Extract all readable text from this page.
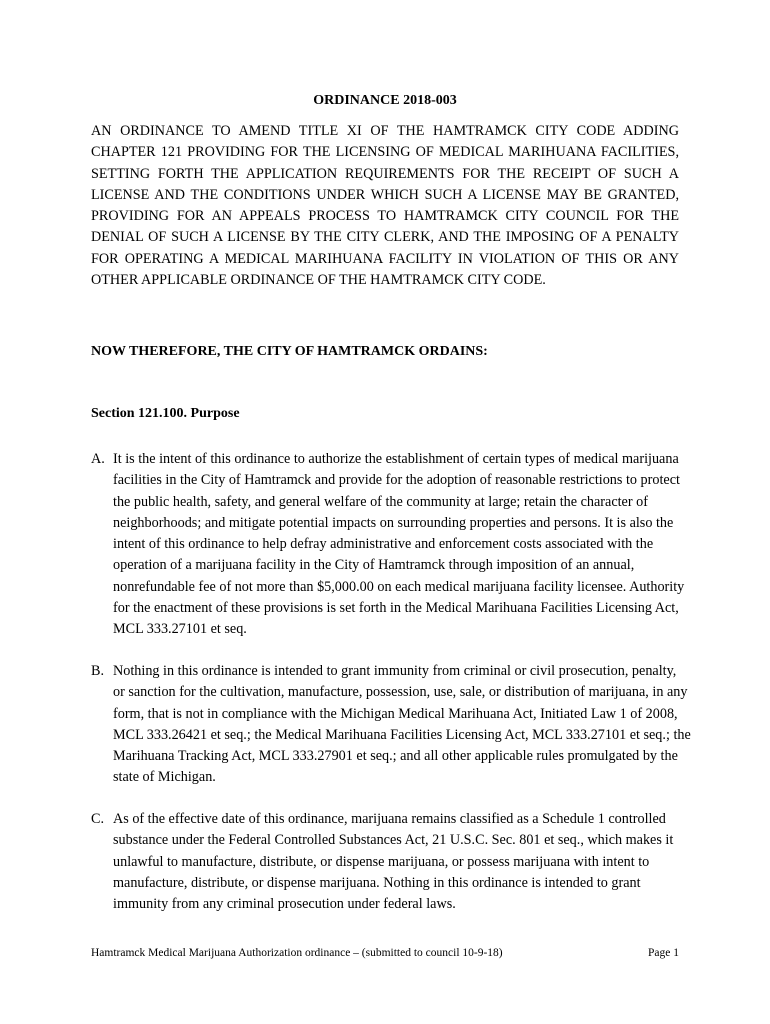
ORDINANCE 2018-003

AN ORDINANCE TO AMEND TITLE XI OF THE HAMTRAMCK CITY CODE ADDING CHAPTER 121 PROVIDING FOR THE LICENSING OF MEDICAL MARIHUANA FACILITIES, SETTING FORTH THE APPLICATION REQUIREMENTS FOR THE RECEIPT OF SUCH A LICENSE AND THE CONDITIONS UNDER WHICH SUCH A LICENSE MAY BE GRANTED, PROVIDING FOR AN APPEALS PROCESS TO HAMTRAMCK CITY COUNCIL FOR THE DENIAL OF SUCH A LICENSE BY THE CITY CLERK, AND THE IMPOSING OF A PENALTY FOR OPERATING A MEDICAL MARIHUANA FACILITY IN VIOLATION OF THIS OR ANY OTHER APPLICABLE ORDINANCE OF THE HAMTRAMCK CITY CODE.

NOW THEREFORE, THE CITY OF HAMTRAMCK ORDAINS:
Section 121.100. Purpose
A. It is the intent of this ordinance to authorize the establishment of certain types of medical marijuana facilities in the City of Hamtramck and provide for the adoption of reasonable restrictions to protect the public health, safety, and general welfare of the community at large; retain the character of neighborhoods; and mitigate potential impacts on surrounding properties and persons. It is also the intent of this ordinance to help defray administrative and enforcement costs associated with the operation of a marijuana facility in the City of Hamtramck through imposition of an annual, nonrefundable fee of not more than $5,000.00 on each medical marijuana facility licensee. Authority for the enactment of these provisions is set forth in the Medical Marihuana Facilities Licensing Act, MCL 333.27101 et seq.

B. Nothing in this ordinance is intended to grant immunity from criminal or civil prosecution, penalty, or sanction for the cultivation, manufacture, possession, use, sale, or distribution of marijuana, in any form, that is not in compliance with the Michigan Medical Marihuana Act, Initiated Law 1 of 2008, MCL 333.26421 et seq.; the Medical Marihuana Facilities Licensing Act, MCL 333.27101 et seq.; the Marihuana Tracking Act, MCL 333.27901 et seq.; and all other applicable rules promulgated by the state of Michigan.

C. As of the effective date of this ordinance, marijuana remains classified as a Schedule 1 controlled substance under the Federal Controlled Substances Act, 21 U.S.C. Sec. 801 et seq., which makes it unlawful to manufacture, distribute, or dispense marijuana, or possess marijuana with intent to manufacture, distribute, or dispense marijuana. Nothing in this ordinance is intended to grant immunity from any criminal prosecution under federal laws.

Hamtramck Medical Marijuana Authorization ordinance – (submitted to council 10-9-18)	Page 1
